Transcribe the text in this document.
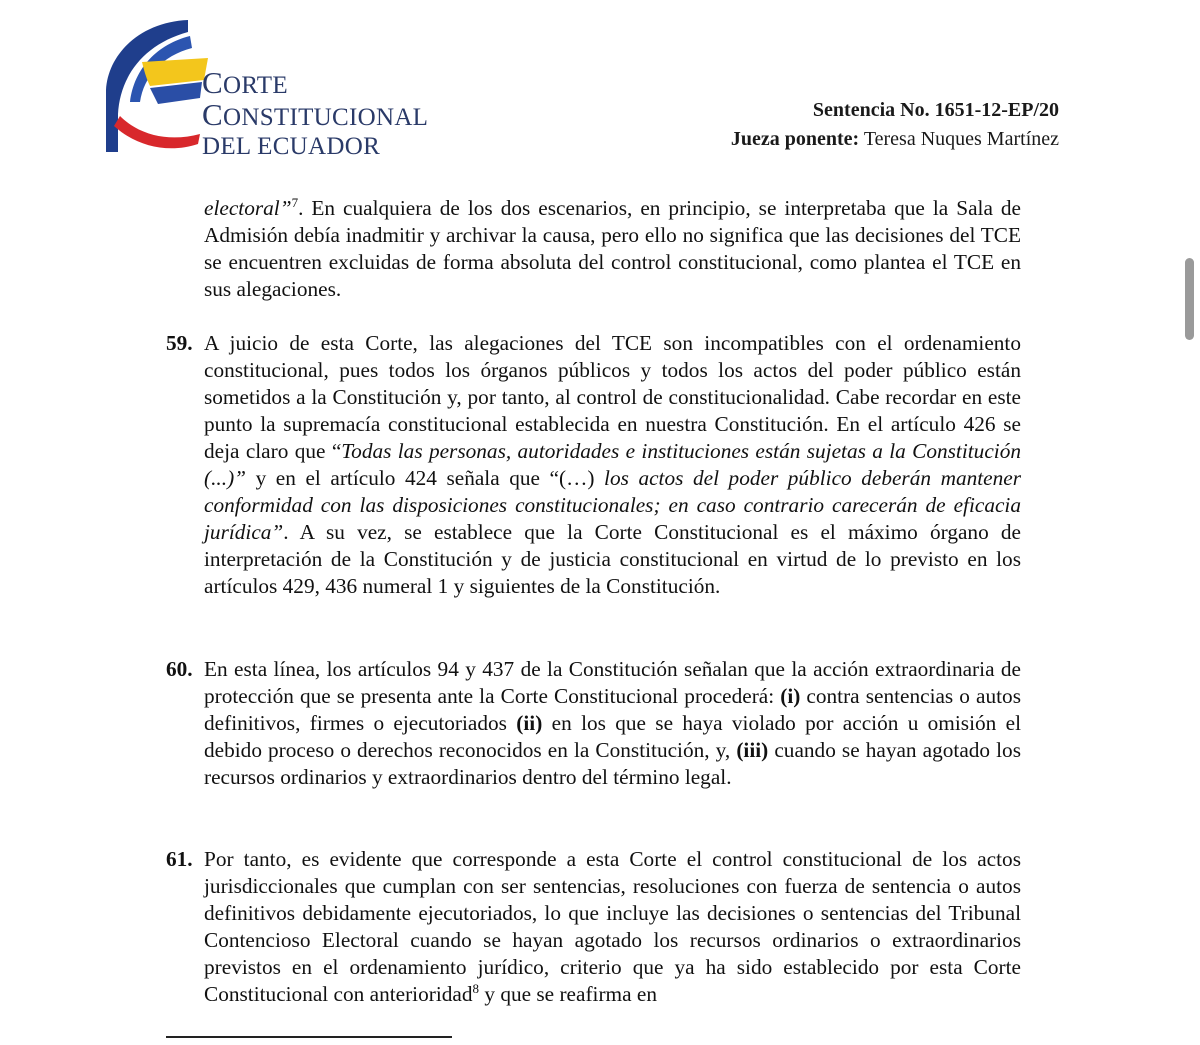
CORTE
CONSTITUCIONAL
DEL ECUADOR
Sentencia No. 1651-12-EP/20
Jueza ponente: Teresa Nuques Martínez
electoral”$^7$. En cualquiera de los dos escenarios, en principio, se interpretaba que la Sala de Admisión debía inadmitir y archivar la causa, pero ello no significa que las decisiones del TCE se encuentren excluidas de forma absoluta del control constitucional, como plantea el TCE en sus alegaciones.
59. A juicio de esta Corte, las alegaciones del TCE son incompatibles con el ordenamiento constitucional, pues todos los órganos públicos y todos los actos del poder público están sometidos a la Constitución y, por tanto, al control de constitucionalidad. Cabe recordar en este punto la supremacía constitucional establecida en nuestra Constitución. En el artículo 426 se deja claro que “Todas las personas, autoridades e instituciones están sujetas a la Constitución (...)” y en el artículo 424 señala que “(…) los actos del poder público deberán mantener conformidad con las disposiciones constitucionales; en caso contrario carecerán de eficacia jurídica”. A su vez, se establece que la Corte Constitucional es el máximo órgano de interpretación de la Constitución y de justicia constitucional en virtud de lo previsto en los artículos 429, 436 numeral 1 y siguientes de la Constitución.
60. En esta línea, los artículos 94 y 437 de la Constitución señalan que la acción extraordinaria de protección que se presenta ante la Corte Constitucional procederá: (i) contra sentencias o autos definitivos, firmes o ejecutoriados (ii) en los que se haya violado por acción u omisión el debido proceso o derechos reconocidos en la Constitución, y, (iii) cuando se hayan agotado los recursos ordinarios y extraordinarios dentro del término legal.
61. Por tanto, es evidente que corresponde a esta Corte el control constitucional de los actos jurisdiccionales que cumplan con ser sentencias, resoluciones con fuerza de sentencia o autos definitivos debidamente ejecutoriados, lo que incluye las decisiones o sentencias del Tribunal Contencioso Electoral cuando se hayan agotado los recursos ordinarios o extraordinarios previstos en el ordenamiento jurídico, criterio que ya ha sido establecido por esta Corte Constitucional con anterioridad$^8$ y que se reafirma en
